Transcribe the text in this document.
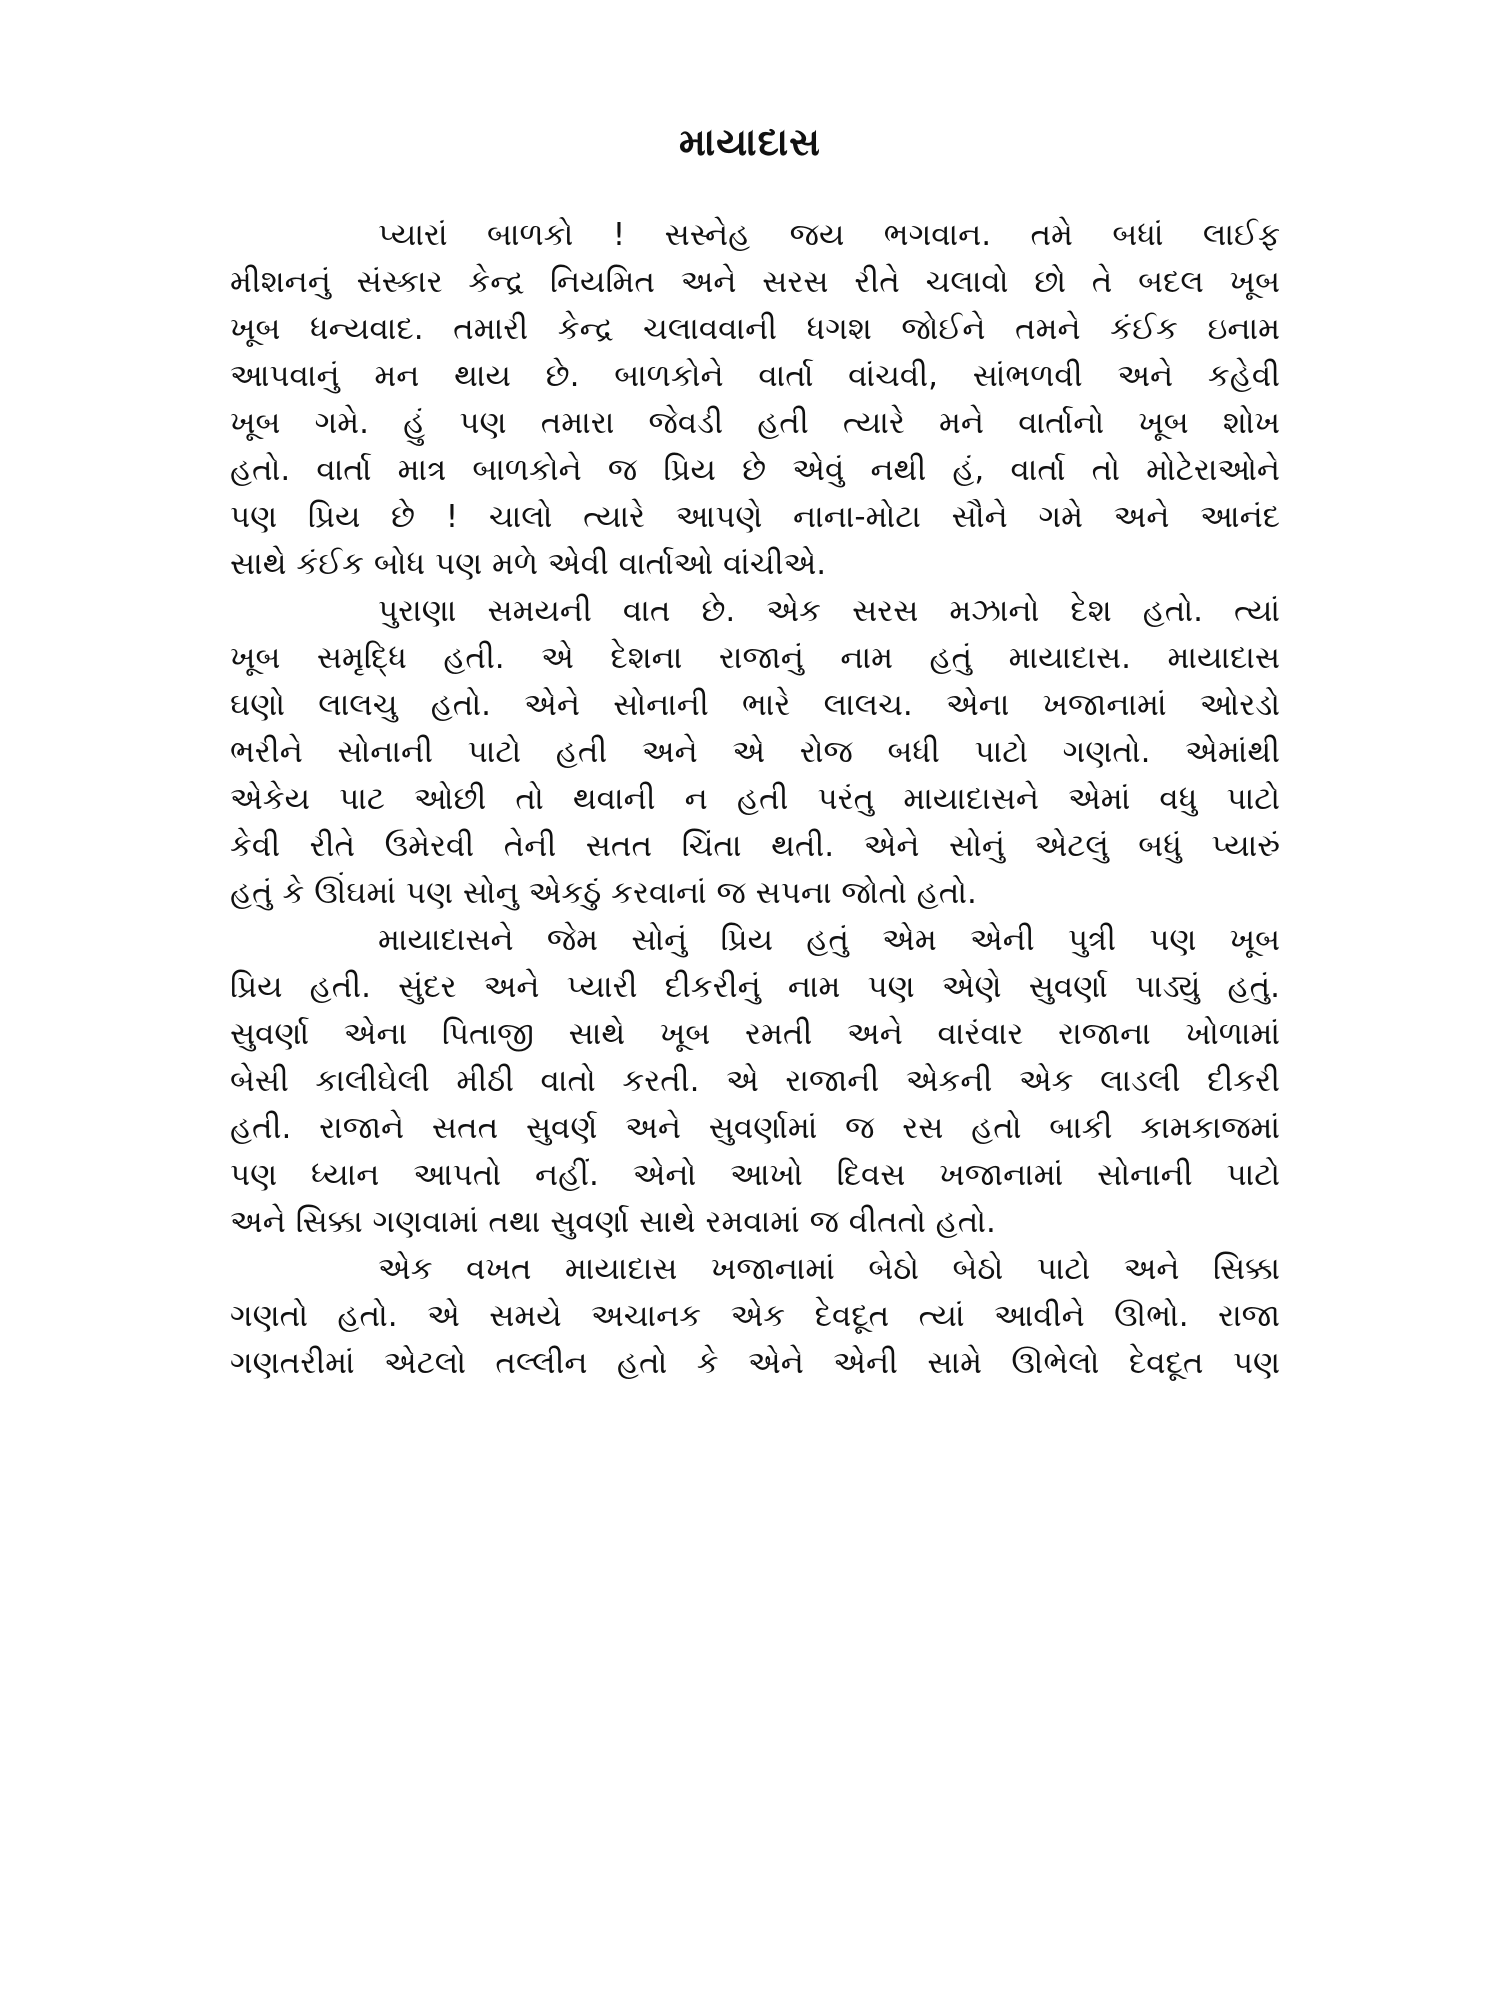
માયાદાસ
પ્યારાં બાળકો ! સસ્નેહ જય ભગવાન. તમે બધાં લાઈફ
મીશનનું સંસ્કાર કેન્દ્ર નિયમિત અને સરસ રીતે ચલાવો છો તે બદલ ખૂબ
ખૂબ ધન્યવાદ. તમારી કેન્દ્ર ચલાવવાની ધગશ જોઈને તમને કંઈક ઇનામ
આપવાનું મન થાય છે. બાળકોને વાર્તા વાંચવી, સાંભળવી અને કહેવી
ખૂબ ગમે. હું પણ તમારા જેવડી હતી ત્યારે મને વાર્તાનો ખૂબ શોખ
હતો. વાર્તા માત્ર બાળકોને જ પ્રિય છે એવું નથી હં, વાર્તા તો મોટેરાઓને
પણ પ્રિય છે ! ચાલો ત્યારે આપણે નાના-મોટા સૌને ગમે અને આનંદ
સાથે કંઈક બોધ પણ મળે એવી વાર્તાઓ વાંચીએ.
પુરાણા સમયની વાત છે. એક સરસ મઝાનો દેશ હતો. ત્યાં
ખૂબ સમૃદ્ધિ હતી. એ દેશના રાજાનું નામ હતું માયાદાસ. માયાદાસ
ઘણો લાલચુ હતો. એને સોનાની ભારે લાલચ. એના ખજાનામાં ઓરડો
ભરીને સોનાની પાટો હતી અને એ રોજ બધી પાટો ગણતો. એમાંથી
એકેય પાટ ઓછી તો થવાની ન હતી પરંતુ માયાદાસને એમાં વધુ પાટો
કેવી રીતે ઉમેરવી તેની સતત ચિંતા થતી. એને સોનું એટલું બધું પ્યારું
હતું કે ઊંઘમાં પણ સોનુ એકઠું કરવાનાં જ સપના જોતો હતો.
માયાદાસને જેમ સોનું પ્રિય હતું એમ એની પુત્રી પણ ખૂબ
પ્રિય હતી. સુંદર અને પ્યારી દીકરીનું નામ પણ એણે સુવર્ણા પાડ્યું હતું.
સુવર્ણા એના પિતાજી સાથે ખૂબ રમતી અને વારંવાર રાજાના ખોળામાં
બેસી કાલીઘેલી મીઠી વાતો કરતી. એ રાજાની એકની એક લાડલી દીકરી
હતી. રાજાને સતત સુવર્ણ અને સુવર્ણામાં જ રસ હતો બાકી કામકાજમાં
પણ ધ્યાન આપતો નહીં. એનો આખો દિવસ ખજાનામાં સોનાની પાટો
અને સિક્કા ગણવામાં તથા સુવર્ણા સાથે રમવામાં જ વીતતો હતો.
એક વખત માયાદાસ ખજાનામાં બેઠો બેઠો પાટો અને સિક્કા
ગણતો હતો. એ સમયે અચાનક એક દેવદૂત ત્યાં આવીને ઊભો. રાજા
ગણતરીમાં એટલો તલ્લીન હતો કે એને એની સામે ઊભેલો દેવદૂત પણ
